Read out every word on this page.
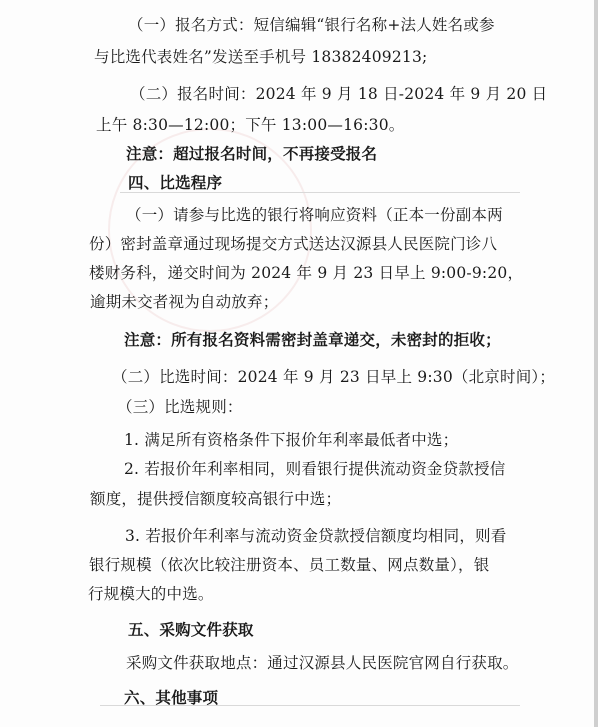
（一）报名方式：短信编辑“银行名称+法人姓名或参
与比选代表姓名”发送至手机号 18382409213;
（二）报名时间：2024 年 9 月 18 日-2024 年 9 月 20 日
上午 8:30—12:00；下午 13:00—16:30。
注意：超过报名时间，不再接受报名
四、比选程序
（一）请参与比选的银行将响应资料（正本一份副本两
份）密封盖章通过现场提交方式送达汉源县人民医院门诊八
楼财务科，递交时间为 2024 年 9 月 23 日早上 9:00-9:20，
逾期未交者视为自动放弃；
注意：所有报名资料需密封盖章递交，未密封的拒收；
（二）比选时间：2024 年 9 月 23 日早上 9:30（北京时间）；
（三）比选规则：
1. 满足所有资格条件下报价年利率最低者中选；
2. 若报价年利率相同，则看银行提供流动资金贷款授信
额度，提供授信额度较高银行中选；
3. 若报价年利率与流动资金贷款授信额度均相同，则看
银行规模（依次比较注册资本、员工数量、网点数量），银
行规模大的中选。
五、采购文件获取
采购文件获取地点：通过汉源县人民医院官网自行获取。
六、其他事项
